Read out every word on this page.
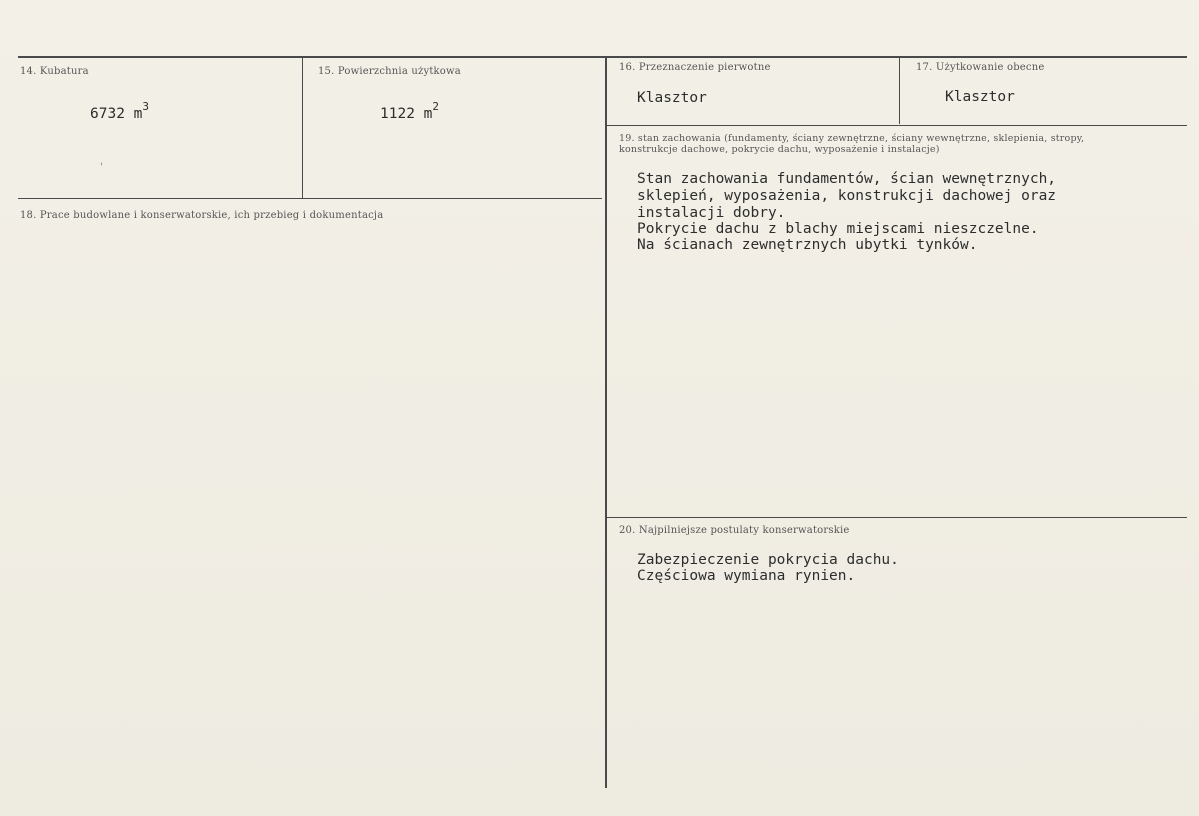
14. Kubatura
6732 $m^3$
'
15. Powierzchnia użytkowa
1122 $m^2$
16. Przeznaczenie pierwotne
Klasztor
17. Użytkowanie obecne
Klasztor
18. Prace budowlane i konserwatorskie, ich przebieg i dokumentacja
19. stan zachowania (fundamenty, ściany zewnętrzne, ściany wewnętrzne, sklepienia, stropy, konstrukcje dachowe, pokrycie dachu, wyposażenie i instalacje)
Stan zachowania fundamentów, ścian wewnętrznych,
sklepień, wyposażenia, konstrukcji dachowej oraz
instalacji dobry.
Pokrycie dachu z blachy miejscami nieszczelne.
Na ścianach zewnętrznych ubytki tynków.
20. Najpilniejsze postulaty konserwatorskie
Zabezpieczenie pokrycia dachu.
Częściowa wymiana rynien.
